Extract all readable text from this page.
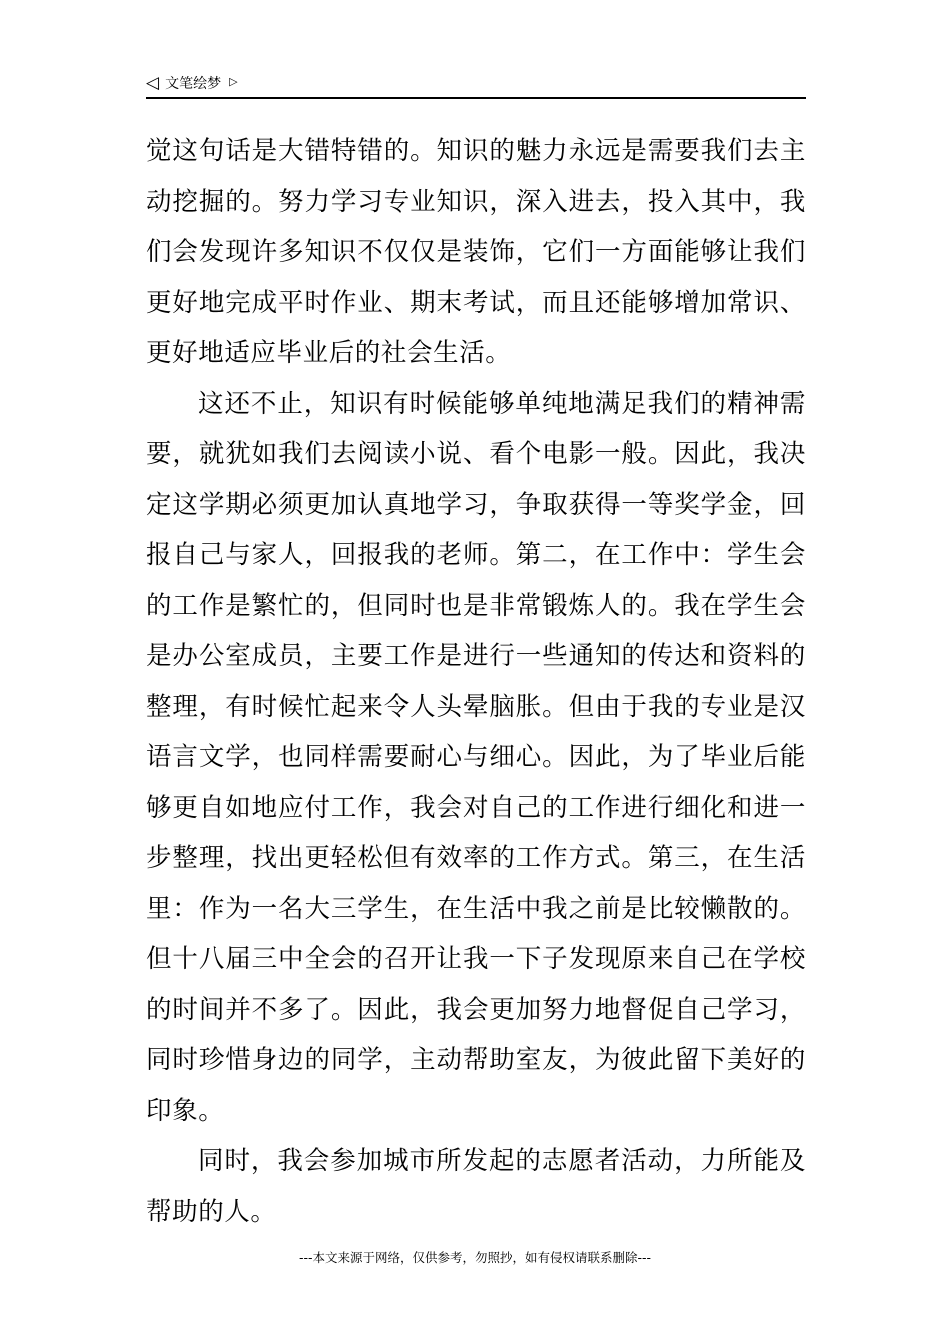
◁ 文笔绘梦 ▷

觉这句话是大错特错的。知识的魅力永远是需要我们去主动挖掘的。努力学习专业知识，深入进去，投入其中，我们会发现许多知识不仅仅是装饰，它们一方面能够让我们更好地完成平时作业、期末考试，而且还能够增加常识、更好地适应毕业后的社会生活。

这还不止，知识有时候能够单纯地满足我们的精神需要，就犹如我们去阅读小说、看个电影一般。因此，我决定这学期必须更加认真地学习，争取获得一等奖学金，回报自己与家人，回报我的老师。第二，在工作中：学生会的工作是繁忙的，但同时也是非常锻炼人的。我在学生会是办公室成员，主要工作是进行一些通知的传达和资料的整理，有时候忙起来令人头晕脑胀。但由于我的专业是汉语言文学，也同样需要耐心与细心。因此，为了毕业后能够更自如地应付工作，我会对自己的工作进行细化和进一步整理，找出更轻松但有效率的工作方式。第三，在生活里：作为一名大三学生，在生活中我之前是比较懒散的。但十八届三中全会的召开让我一下子发现原来自己在学校的时间并不多了。因此，我会更加努力地督促自己学习，同时珍惜身边的同学，主动帮助室友，为彼此留下美好的印象。

同时，我会参加城市所发起的志愿者活动，力所能及帮助的人。

---本文来源于网络，仅供参考，勿照抄，如有侵权请联系删除---
